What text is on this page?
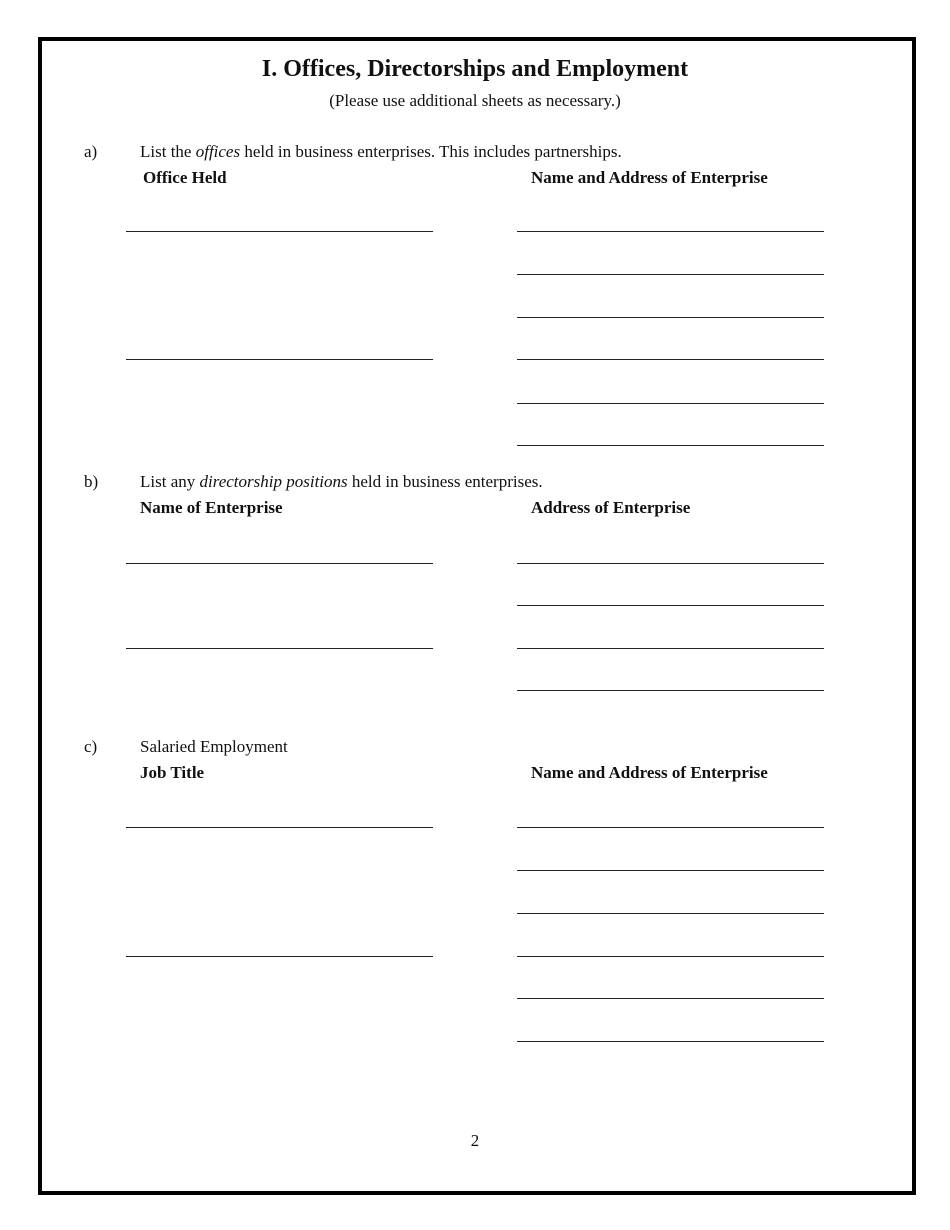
I. Offices, Directorships and Employment
(Please use additional sheets as necessary.)
a)	List the offices held in business enterprises. This includes partnerships.
Office Held	Name and Address of Enterprise
b) List any directorship positions held in business enterprises.
Name of Enterprise	Address of Enterprise
c)	Salaried Employment
Job Title	Name and Address of Enterprise
2
